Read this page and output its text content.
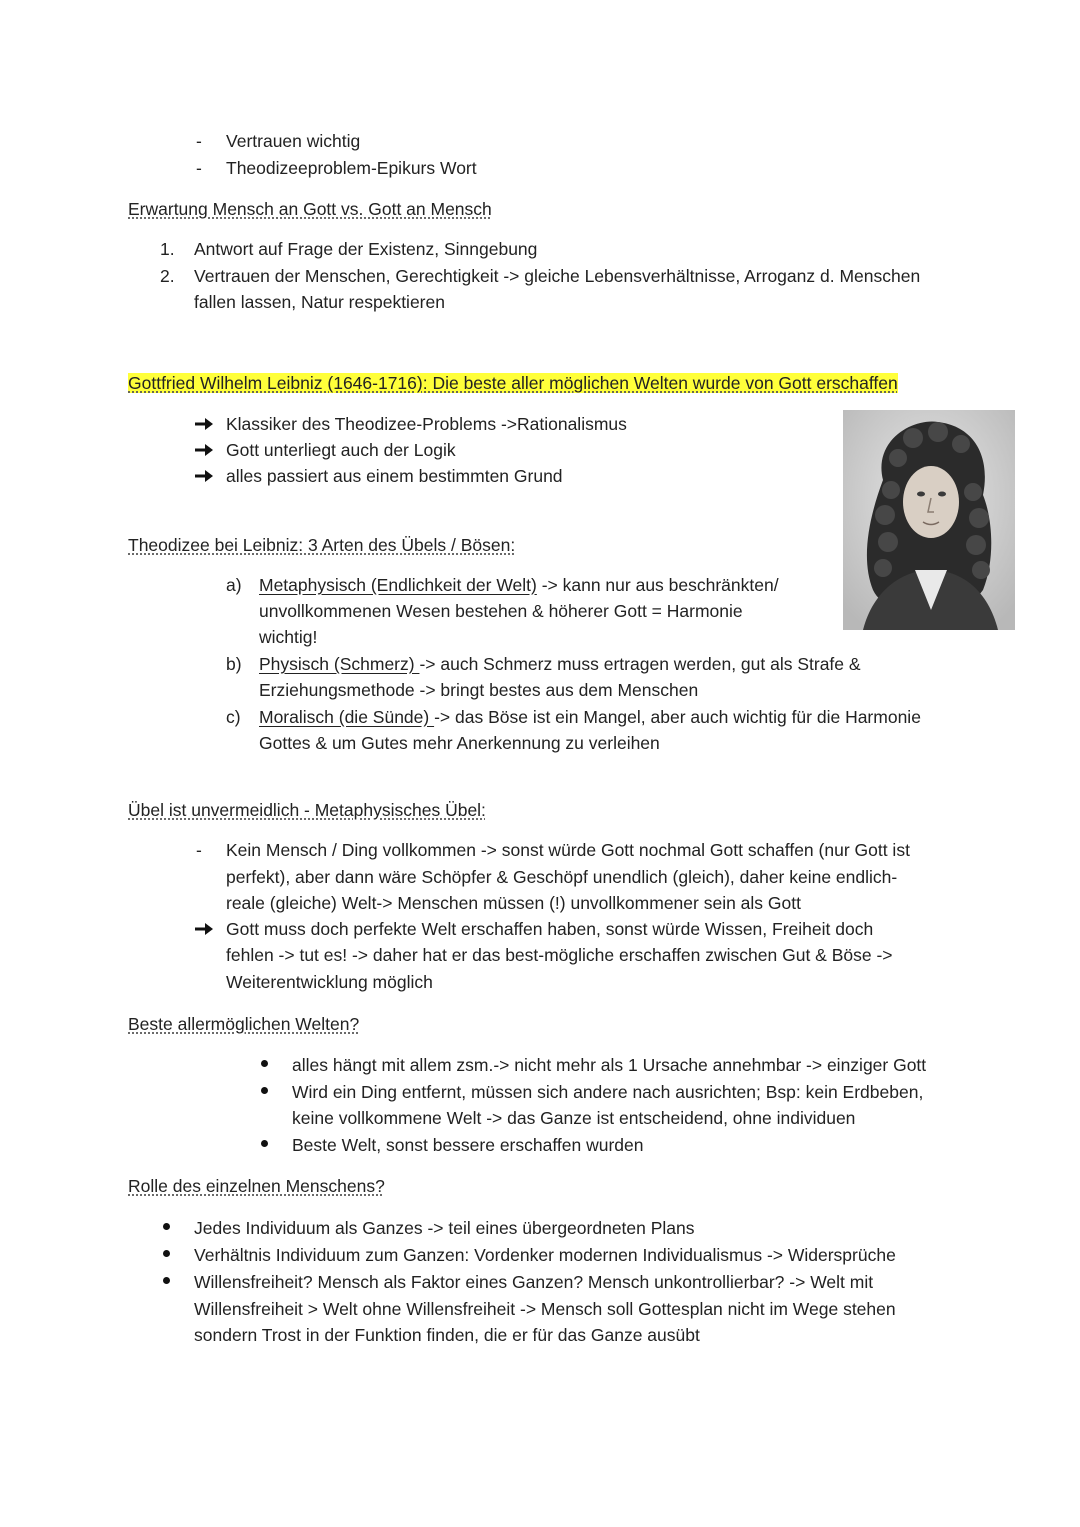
- Vertrauen wichtig
- Theodizeeproblem-Epikurs Wort
Erwartung Mensch an Gott vs. Gott an Mensch
1. Antwort auf Frage der Existenz, Sinngebung
2. Vertrauen der Menschen, Gerechtigkeit -> gleiche Lebensverhältnisse, Arroganz d. Menschen
fallen lassen, Natur respektieren
Gottfried Wilhelm Leibniz (1646-1716): Die beste aller möglichen Welten wurde von Gott erschaffen
Klassiker des Theodizee-Problems ->Rationalismus
Gott unterliegt auch der Logik
alles passiert aus einem bestimmten Grund
Theodizee bei Leibniz: 3 Arten des Übels / Bösen:
a) Metaphysisch (Endlichkeit der Welt) -> kann nur aus beschränkten/
unvollkommenen Wesen bestehen & höherer Gott = Harmonie
wichtig!
b) Physisch (Schmerz) -> auch Schmerz muss ertragen werden, gut als Strafe &
Erziehungsmethode -> bringt bestes aus dem Menschen
c) Moralisch (die Sünde) -> das Böse ist ein Mangel, aber auch wichtig für die Harmonie
Gottes & um Gutes mehr Anerkennung zu verleihen
Übel ist unvermeidlich - Metaphysisches Übel:
- Kein Mensch / Ding vollkommen -> sonst würde Gott nochmal Gott schaffen (nur Gott ist
perfekt), aber dann wäre Schöpfer & Geschöpf unendlich (gleich), daher keine endlich-
reale (gleiche) Welt-> Menschen müssen (!) unvollkommener sein als Gott
Gott muss doch perfekte Welt erschaffen haben, sonst würde Wissen, Freiheit doch
fehlen -> tut es! -> daher hat er das best-mögliche erschaffen zwischen Gut & Böse ->
Weiterentwicklung möglich
Beste allermöglichen Welten?
alles hängt mit allem zsm.-> nicht mehr als 1 Ursache annehmbar -> einziger Gott
Wird ein Ding entfernt, müssen sich andere nach ausrichten; Bsp: kein Erdbeben,
keine vollkommene Welt -> das Ganze ist entscheidend, ohne individuen
Beste Welt, sonst bessere erschaffen wurden
Rolle des einzelnen Menschens?
Jedes Individuum als Ganzes -> teil eines übergeordneten Plans
Verhältnis Individuum zum Ganzen: Vordenker modernen Individualismus -> Widersprüche
Willensfreiheit? Mensch als Faktor eines Ganzen? Mensch unkontrollierbar? -> Welt mit
Willensfreiheit > Welt ohne Willensfreiheit -> Mensch soll Gottesplan nicht im Wege stehen
sondern Trost in der Funktion finden, die er für das Ganze ausübt
